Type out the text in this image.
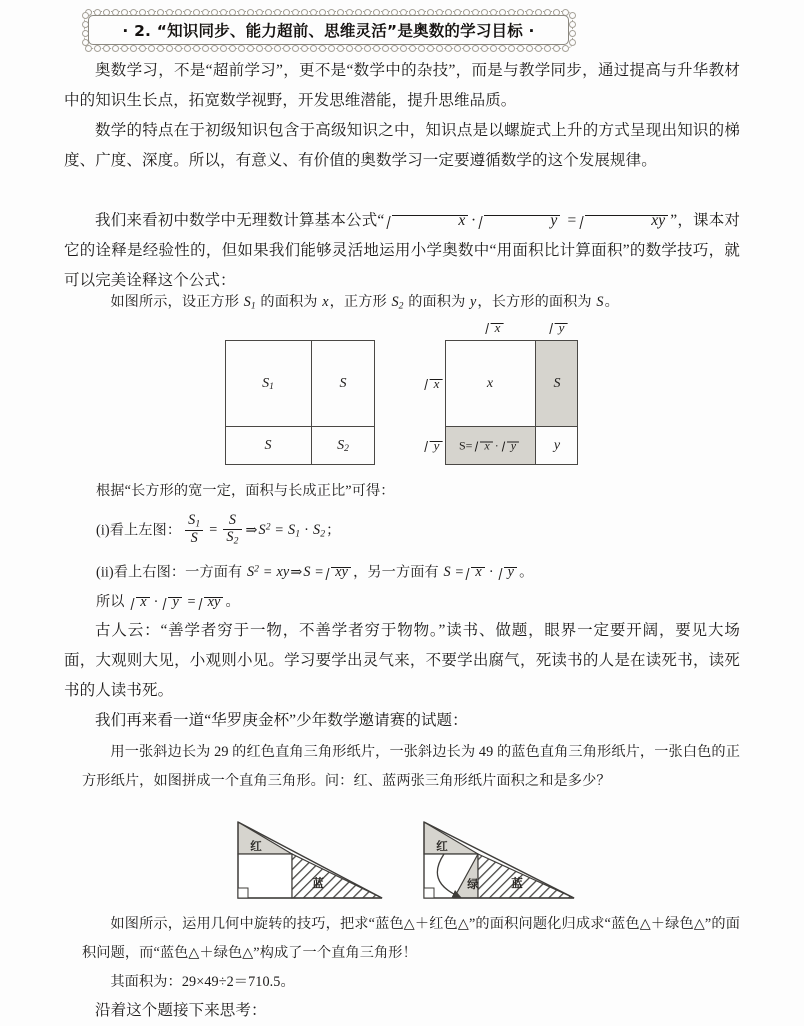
· 2. “知识同步、能力超前、思维灵活”是奥数的学习目标 ·
奥数学习，不是“超前学习”，更不是“数学中的杂技”，而是与教学同步，通过提高与升华教材中的知识生长点，拓宽数学视野，开发思维潜能，提升思维品质。
数学的特点在于初级知识包含于高级知识之中，知识点是以螺旋式上升的方式呈现出知识的梯度、广度、深度。所以，有意义、有价值的奥数学习一定要遵循数学的这个发展规律。
我们来看初中数学中无理数计算基本公式“	x ·	y =	xy ”，课本对它的诠释是经验性的，但如果我们能够灵活地运用小学奥数中“用面积比计算面积”的数学技巧，就可以完美诠释这个公式：
如图所示，设正方形 $S_1$ 的面积为 x，正方形 $S_2$ 的面积为 y，长方形的面积为 S。
$S_1$	S
S	$S_2$
x	y
x
y
x	S
S= x · y	y
根据“长方形的宽一定，面积与长成正比”可得：
(i)看上左图： $\frac{S_1}{S} = \frac{S}{S_2}$ $\Rightarrow S^2 = S_1 \cdot S_2$；
(ii)看上右图：一方面有 $S^2$ = xy⇒S = xy ，另一方面有 S = x · y 。
所以 x · y = xy 。
古人云：“善学者穷于一物，不善学者穷于物物。”读书、做题，眼界一定要开阔，要见大场面，大观则大见，小观则小见。学习要学出灵气来，不要学出腐气，死读书的人是在读死书，读死书的人读书死。
我们再来看一道“华罗庚金杯”少年数学邀请赛的试题：
用一张斜边长为 29 的红色直角三角形纸片，一张斜边长为 49 的蓝色直角三角形纸片，一张白色的正方形纸片，如图拼成一个直角三角形。问：红、蓝两张三角形纸片面积之和是多少？
红
蓝
红
绿	蓝
如图所示，运用几何中旋转的技巧，把求“蓝色△＋红色△”的面积问题化归成求“蓝色△＋绿色△”的面积问题，而“蓝色△＋绿色△”构成了一个直角三角形！
其面积为：29×49÷2＝710.5。
沿着这个题接下来思考：
